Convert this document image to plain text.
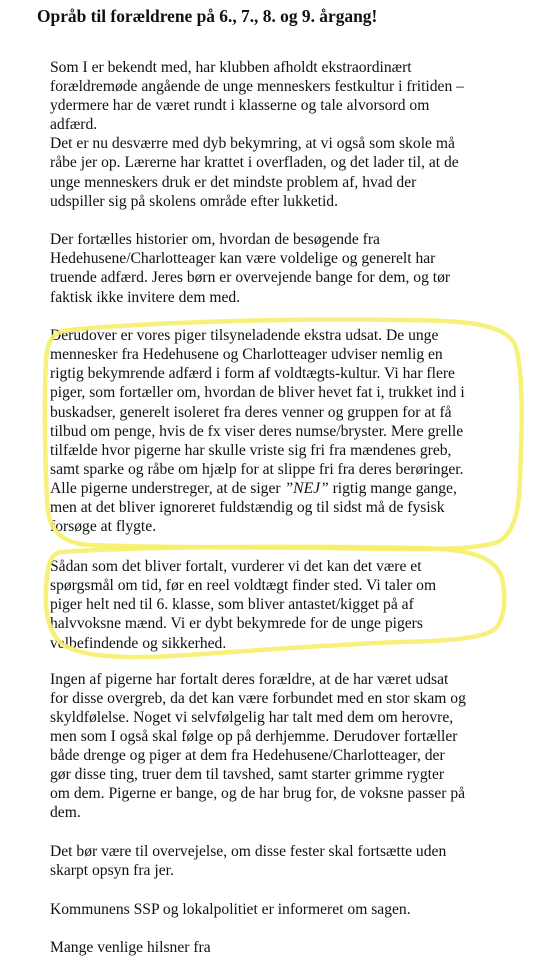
Opråb til forældrene på 6., 7., 8. og 9. årgang!

Som I er bekendt med, har klubben afholdt ekstraordinært
forældremøde angående de unge menneskers festkultur i fritiden –
ydermere har de været rundt i klasserne og tale alvorsord om
adfærd.

Det er nu desværre med dyb bekymring, at vi også som skole må
råbe jer op. Lærerne har krattet i overfladen, og det lader til, at de
unge menneskers druk er det mindste problem af, hvad der
udspiller sig på skolens område efter lukketid.

Der fortælles historier om, hvordan de besøgende fra
Hedehusene/Charlotteager kan være voldelige og generelt har
truende adfærd. Jeres børn er overvejende bange for dem, og tør
faktisk ikke invitere dem med.

Derudover er vores piger tilsyneladende ekstra udsat. De unge
mennesker fra Hedehusene og Charlotteager udviser nemlig en
rigtig bekymrende adfærd i form af voldtægts-kultur. Vi har flere
piger, som fortæller om, hvordan de bliver hevet fat i, trukket ind i
buskadser, generelt isoleret fra deres venner og gruppen for at få
tilbud om penge, hvis de fx viser deres numse/bryster. Mere grelle
tilfælde hvor pigerne har skulle vriste sig fri fra mændenes greb,
samt sparke og råbe om hjælp for at slippe fri fra deres berøringer.
Alle pigerne understreger, at de siger ”NEJ” rigtig mange gange,
men at det bliver ignoreret fuldstændig og til sidst må de fysisk
forsøge at flygte.

Sådan som det bliver fortalt, vurderer vi det kan det være et
spørgsmål om tid, før en reel voldtægt finder sted. Vi taler om
piger helt ned til 6. klasse, som bliver antastet/kigget på af
halvvoksne mænd. Vi er dybt bekymrede for de unge pigers
velbefindende og sikkerhed.

Ingen af pigerne har fortalt deres forældre, at de har været udsat
for disse overgreb, da det kan være forbundet med en stor skam og
skyldfølelse. Noget vi selvfølgelig har talt med dem om herovre,
men som I også skal følge op på derhjemme. Derudover fortæller
både drenge og piger at dem fra Hedehusene/Charlotteager, der
gør disse ting, truer dem til tavshed, samt starter grimme rygter
om dem. Pigerne er bange, og de har brug for, de voksne passer på
dem.

Det bør være til overvejelse, om disse fester skal fortsætte uden
skarpt opsyn fra jer.

Kommunens SSP og lokalpolitiet er informeret om sagen.

Mange venlige hilsner fra
